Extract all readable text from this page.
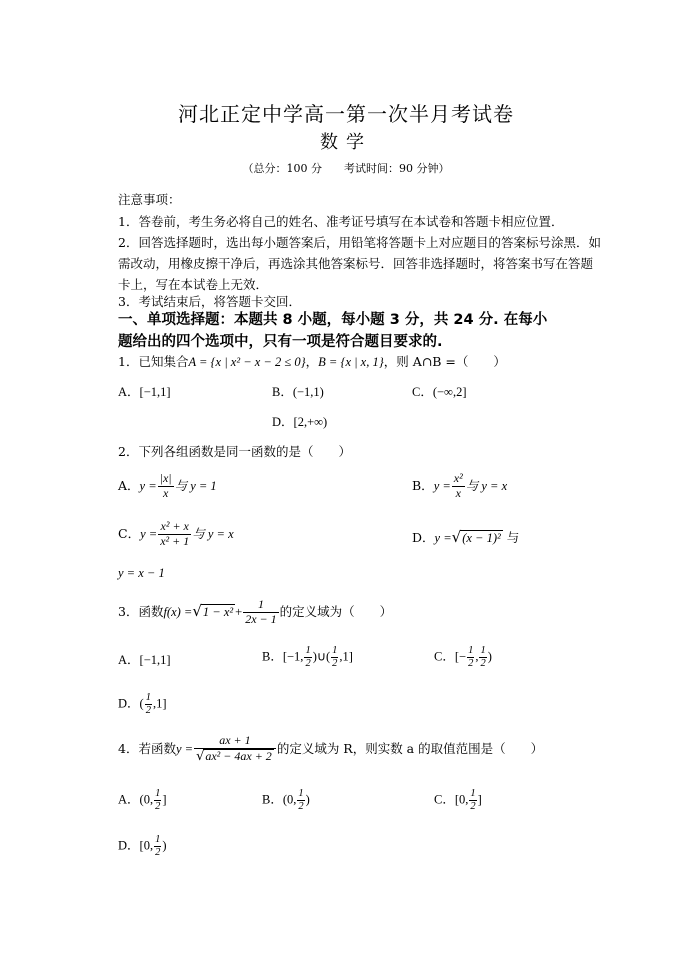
河北正定中学高一第一次半月考试卷
数学
（总分：100 分　　考试时间：90 分钟）
注意事项：
1．答卷前，考生务必将自己的姓名、准考证号填写在本试卷和答题卡相应位置．
2．回答选择题时，选出每小题答案后，用铅笔将答题卡上对应题目的答案标号涂黑．如
需改动，用橡皮擦干净后，再选涂其他答案标号．回答非选择题时，将答案书写在答题
卡上，写在本试卷上无效．
3．考试结束后，将答题卡交回．
一、单项选择题：本题共 8 小题，每小题 3 分，共 24 分. 在每小
题给出的四个选项中，只有一项是符合题目要求的.
1．已知集合A = {x | x² − x − 2 ≤ 0}，B = {x | x, 1}，则 A∩B =（　　）
A．[−1,1]	B．(−1,1)	C．(−∞,2]
D．[2,+∞)
2．下列各组函数是同一函数的是（　　）
A．$y = \frac{|x|}{x}$ 与 y = 1	B．$y = \frac{\text{x²}}{x}$ 与 y = x
C．$y = \frac{\text{x² + x}}{\text{x² + 1}}$ 与 y = x	D．y =√(x − 1)² 与
y = x − 1
3．函数$f(x) =√1 - x^2 + \frac{1}{2x - 1}$ 的定义域为（　　）
A．[−1,1]	B．[−1, $\frac{1}{2}$ )∪( $\frac{1}{2} ,1$]	C．[− $\frac{1}{2}$ , $\frac{1}{2}$ )
D．( $\frac{1}{2} ,1$]
4．若函数$y = \frac{ax + 1}{\text{√ax² − 4ax + 2}}$ 的定义域为 R，则实数 a 的取值范围是（　　）
A．(0, $\frac{1}{2}$ ]	B．(0, $\frac{1}{2}$ )	C．[0, $\frac{1}{2}$ ]
D．[0, $\frac{1}{2}$ )
